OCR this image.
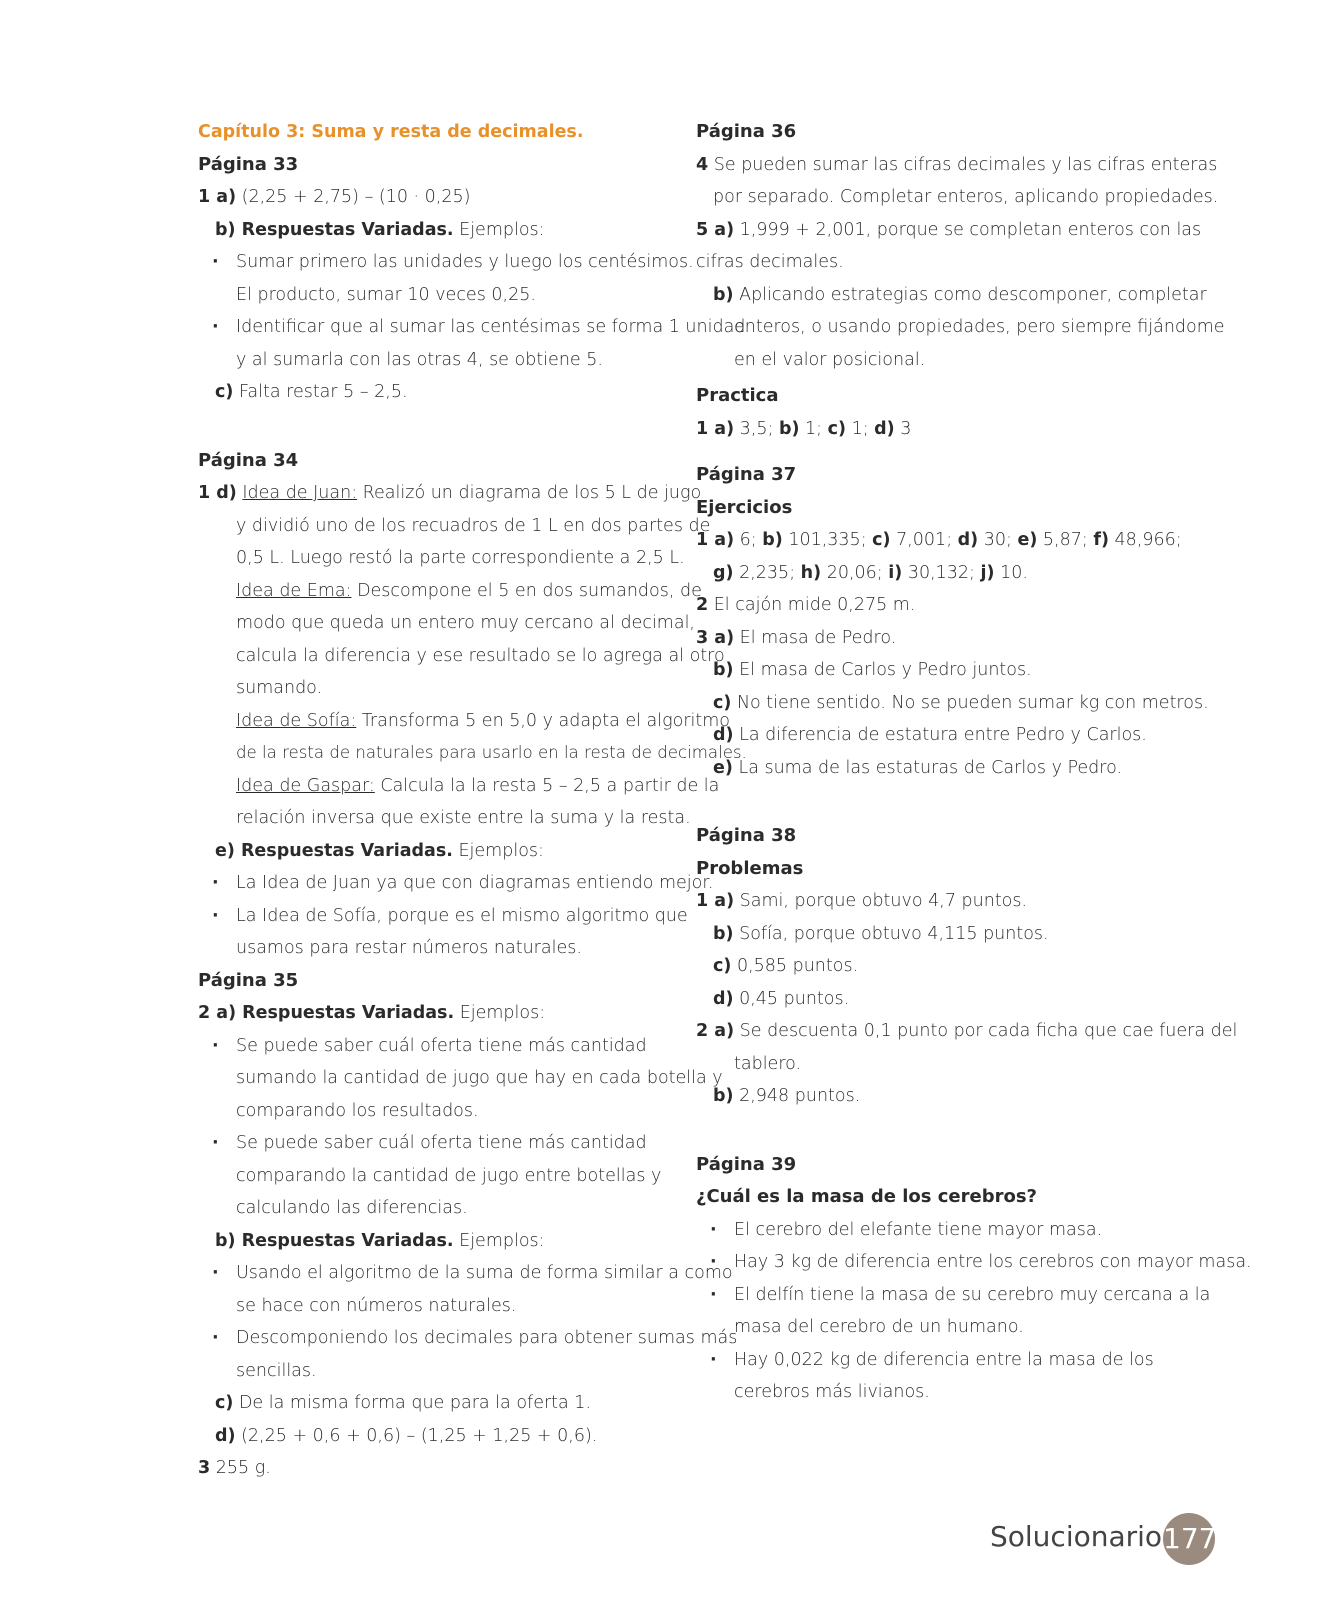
Capítulo 3: Suma y resta de decimales.
Página 33
1 a) (2,25 + 2,75) – (10 · 0,25)
b) Respuestas Variadas. Ejemplos:
· Sumar primero las unidades y luego los centésimos.
El producto, sumar 10 veces 0,25.
· Identificar que al sumar las centésimas se forma 1 unidad
y al sumarla con las otras 4, se obtiene 5.
c) Falta restar 5 – 2,5.
Página 34
1 d) Idea de Juan: Realizó un diagrama de los 5 L de jugo
y dividió uno de los recuadros de 1 L en dos partes de
0,5 L. Luego restó la parte correspondiente a 2,5 L.
Idea de Ema: Descompone el 5 en dos sumandos, de
modo que queda un entero muy cercano al decimal,
calcula la diferencia y ese resultado se lo agrega al otro
sumando.
Idea de Sofía: Transforma 5 en 5,0 y adapta el algoritmo
de la resta de naturales para usarlo en la resta de decimales.
Idea de Gaspar: Calcula la la resta 5 – 2,5 a partir de la
relación inversa que existe entre la suma y la resta.
e) Respuestas Variadas. Ejemplos:
· La Idea de Juan ya que con diagramas entiendo mejor.
· La Idea de Sofía, porque es el mismo algoritmo que
usamos para restar números naturales.
Página 35
2 a) Respuestas Variadas. Ejemplos:
· Se puede saber cuál oferta tiene más cantidad
sumando la cantidad de jugo que hay en cada botella y
comparando los resultados.
· Se puede saber cuál oferta tiene más cantidad
comparando la cantidad de jugo entre botellas y
calculando las diferencias.
b) Respuestas Variadas. Ejemplos:
· Usando el algoritmo de la suma de forma similar a como
se hace con números naturales.
· Descomponiendo los decimales para obtener sumas más
sencillas.
c) De la misma forma que para la oferta 1.
d) (2,25 + 0,6 + 0,6) – (1,25 + 1,25 + 0,6).
3 255 g.
Página 36
4 Se pueden sumar las cifras decimales y las cifras enteras
por separado. Completar enteros, aplicando propiedades.
5 a) 1,999 + 2,001, porque se completan enteros con las
cifras decimales.
b) Aplicando estrategias como descomponer, completar
enteros, o usando propiedades, pero siempre fijándome
en el valor posicional.
Practica
1 a) 3,5; b) 1; c) 1; d) 3
Página 37
Ejercicios
1 a) 6; b) 101,335; c) 7,001; d) 30; e) 5,87; f) 48,966;
g) 2,235; h) 20,06; i) 30,132; j) 10.
2 El cajón mide 0,275 m.
3 a) El masa de Pedro.
b) El masa de Carlos y Pedro juntos.
c) No tiene sentido. No se pueden sumar kg con metros.
d) La diferencia de estatura entre Pedro y Carlos.
e) La suma de las estaturas de Carlos y Pedro.
Página 38
Problemas
1 a) Sami, porque obtuvo 4,7 puntos.
b) Sofía, porque obtuvo 4,115 puntos.
c) 0,585 puntos.
d) 0,45 puntos.
2 a) Se descuenta 0,1 punto por cada ficha que cae fuera del
tablero.
b) 2,948 puntos.
Página 39
¿Cuál es la masa de los cerebros?
· El cerebro del elefante tiene mayor masa.
· Hay 3 kg de diferencia entre los cerebros con mayor masa.
· El delfín tiene la masa de su cerebro muy cercana a la
masa del cerebro de un humano.
· Hay 0,022 kg de diferencia entre la masa de los
cerebros más livianos.
Solucionario 177
